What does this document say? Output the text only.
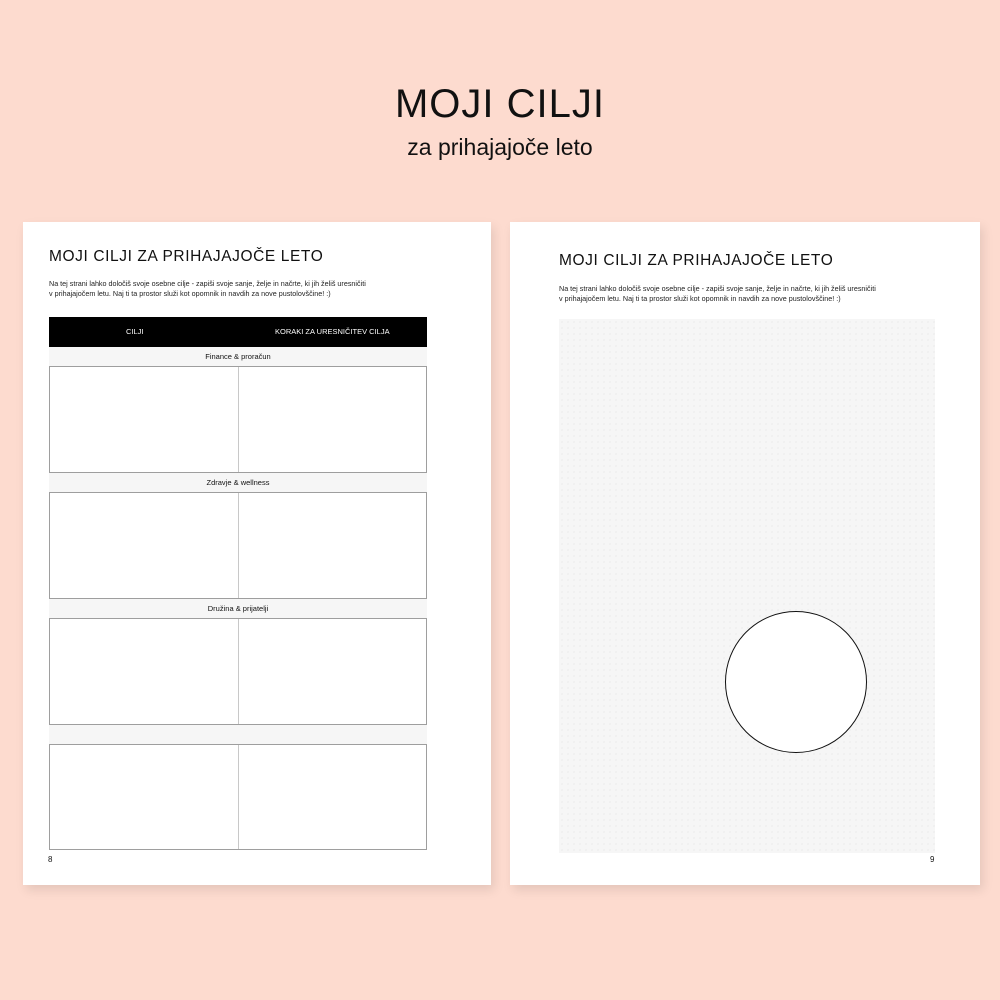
MOJI CILJI
za prihajajoče leto
MOJI CILJI ZA PRIHAJAJOČE LETO
Na tej strani lahko določiš svoje osebne cilje - zapiši svoje sanje, želje in načrte, ki jih želiš uresničiti
v prihajajočem letu. Naj ti ta prostor služi kot opomnik in navdih za nove pustolovščine! :)
CILJI	KORAKI ZA URESNIČITEV CILJA
Finance & proračun
Zdravje & wellness
Družina & prijatelji
8
MOJI CILJI ZA PRIHAJAJOČE LETO
Na tej strani lahko določiš svoje osebne cilje - zapiši svoje sanje, želje in načrte, ki jih želiš uresničiti
v prihajajočem letu. Naj ti ta prostor služi kot opomnik in navdih za nove pustolovščine! :)
9
